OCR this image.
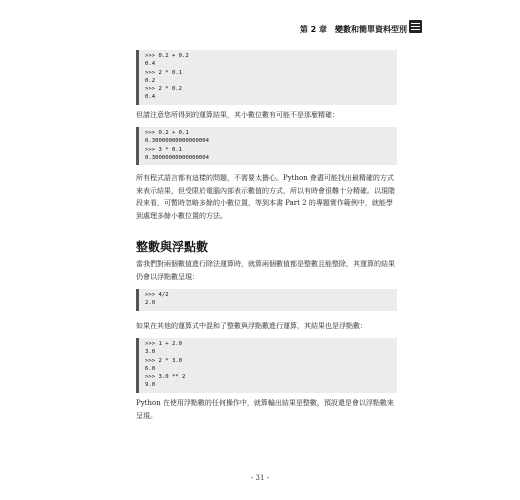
第 2 章　變數和簡單資料型別
>>> 0.2 + 0.2
0.4
>>> 2 * 0.1
0.2
>>> 2 * 0.2
0.4
但請注意您所得到的運算結果，其小數位數有可能不是那麼精確：
>>> 0.2 + 0.1
0.30000000000000004
>>> 3 * 0.1
0.30000000000000004
所有程式語言都有這樣的問題，不需要太擔心。Python 會盡可能找出最精確的方式來表示結果，但受限於電腦內部表示數值的方式，所以有時會很難十分精確。以現階段來看，可暫時忽略多餘的小數位置，等到本書 Part 2 的專題實作範例中，就能學到處理多餘小數位置的方法。
整數與浮點數
當我們對兩個數值進行除法運算時，就算兩個數值都是整數且能整除，其運算的結果仍會以浮點數呈現：
>>> 4/2
2.0
如果在其他的運算式中混和了整數與浮點數進行運算，其結果也是浮點數：
>>> 1 + 2.0
3.0
>>> 2 * 3.0
6.0
>>> 3.0 ** 2
9.0
Python 在使用浮點數的任何操作中，就算輸出結果是整數，預設還是會以浮點數來呈現。
- 31 -
